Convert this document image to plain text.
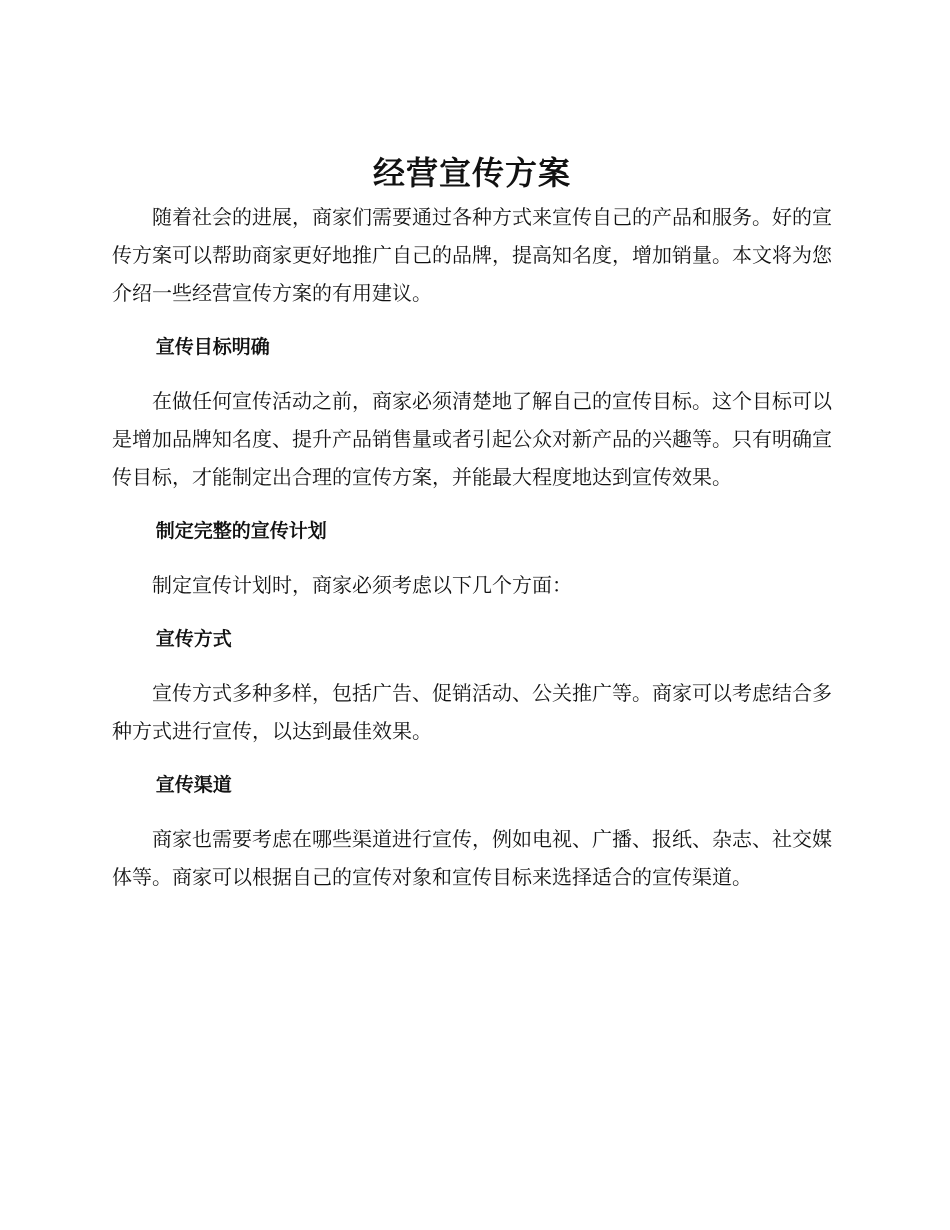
经营宣传方案

随着社会的进展，商家们需要通过各种方式来宣传自己的产品和服务。好的宣传方案可以帮助商家更好地推广自己的品牌，提高知名度，增加销量。本文将为您介绍一些经营宣传方案的有用建议。

宣传目标明确

在做任何宣传活动之前，商家必须清楚地了解自己的宣传目标。这个目标可以是增加品牌知名度、提升产品销售量或者引起公众对新产品的兴趣等。只有明确宣传目标，才能制定出合理的宣传方案，并能最大程度地达到宣传效果。

制定完整的宣传计划

制定宣传计划时，商家必须考虑以下几个方面：

宣传方式

宣传方式多种多样，包括广告、促销活动、公关推广等。商家可以考虑结合多种方式进行宣传，以达到最佳效果。

宣传渠道

商家也需要考虑在哪些渠道进行宣传，例如电视、广播、报纸、杂志、社交媒体等。商家可以根据自己的宣传对象和宣传目标来选择适合的宣传渠道。
